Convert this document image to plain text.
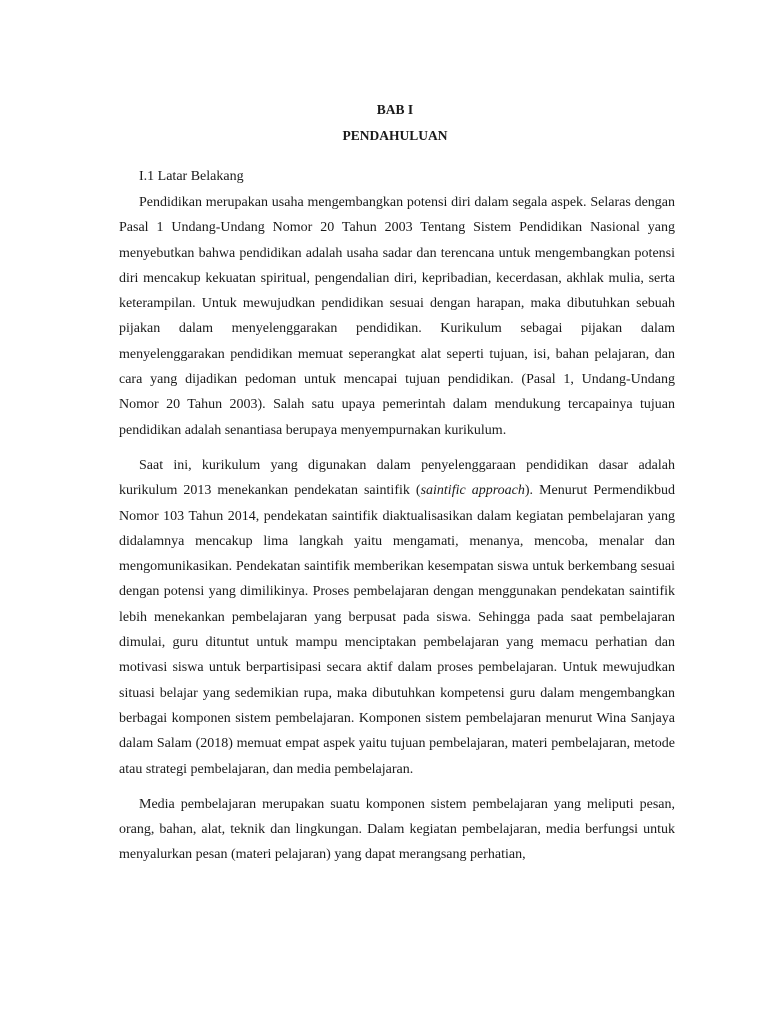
BAB I
PENDAHULUAN
I.1 Latar Belakang

Pendidikan merupakan usaha mengembangkan potensi diri dalam segala aspek. Selaras dengan Pasal 1 Undang-Undang Nomor 20 Tahun 2003 Tentang Sistem Pendidikan Nasional yang menyebutkan bahwa pendidikan adalah usaha sadar dan terencana untuk mengembangkan potensi diri mencakup kekuatan spiritual, pengendalian diri, kepribadian, kecerdasan, akhlak mulia, serta keterampilan. Untuk mewujudkan pendidikan sesuai dengan harapan, maka dibutuhkan sebuah pijakan dalam menyelenggarakan pendidikan. Kurikulum sebagai pijakan dalam menyelenggarakan pendidikan memuat seperangkat alat seperti tujuan, isi, bahan pelajaran, dan cara yang dijadikan pedoman untuk mencapai tujuan pendidikan. (Pasal 1, Undang-Undang Nomor 20 Tahun 2003). Salah satu upaya pemerintah dalam mendukung tercapainya tujuan pendidikan adalah senantiasa berupaya menyempurnakan kurikulum.

Saat ini, kurikulum yang digunakan dalam penyelenggaraan pendidikan dasar adalah kurikulum 2013 menekankan pendekatan saintifik (saintific approach). Menurut Permendikbud Nomor 103 Tahun 2014, pendekatan saintifik diaktualisasikan dalam kegiatan pembelajaran yang didalamnya mencakup lima langkah yaitu mengamati, menanya, mencoba, menalar dan mengomunikasikan. Pendekatan saintifik memberikan kesempatan siswa untuk berkembang sesuai dengan potensi yang dimilikinya. Proses pembelajaran dengan menggunakan pendekatan saintifik lebih menekankan pembelajaran yang berpusat pada siswa. Sehingga pada saat pembelajaran dimulai, guru dituntut untuk mampu menciptakan pembelajaran yang memacu perhatian dan motivasi siswa untuk berpartisipasi secara aktif dalam proses pembelajaran. Untuk mewujudkan situasi belajar yang sedemikian rupa, maka dibutuhkan kompetensi guru dalam mengembangkan berbagai komponen sistem pembelajaran. Komponen sistem pembelajaran menurut Wina Sanjaya dalam Salam (2018) memuat empat aspek yaitu tujuan pembelajaran, materi pembelajaran, metode atau strategi pembelajaran, dan media pembelajaran.

Media pembelajaran merupakan suatu komponen sistem pembelajaran yang meliputi pesan, orang, bahan, alat, teknik dan lingkungan. Dalam kegiatan pembelajaran, media berfungsi untuk menyalurkan pesan (materi pelajaran) yang dapat merangsang perhatian,
